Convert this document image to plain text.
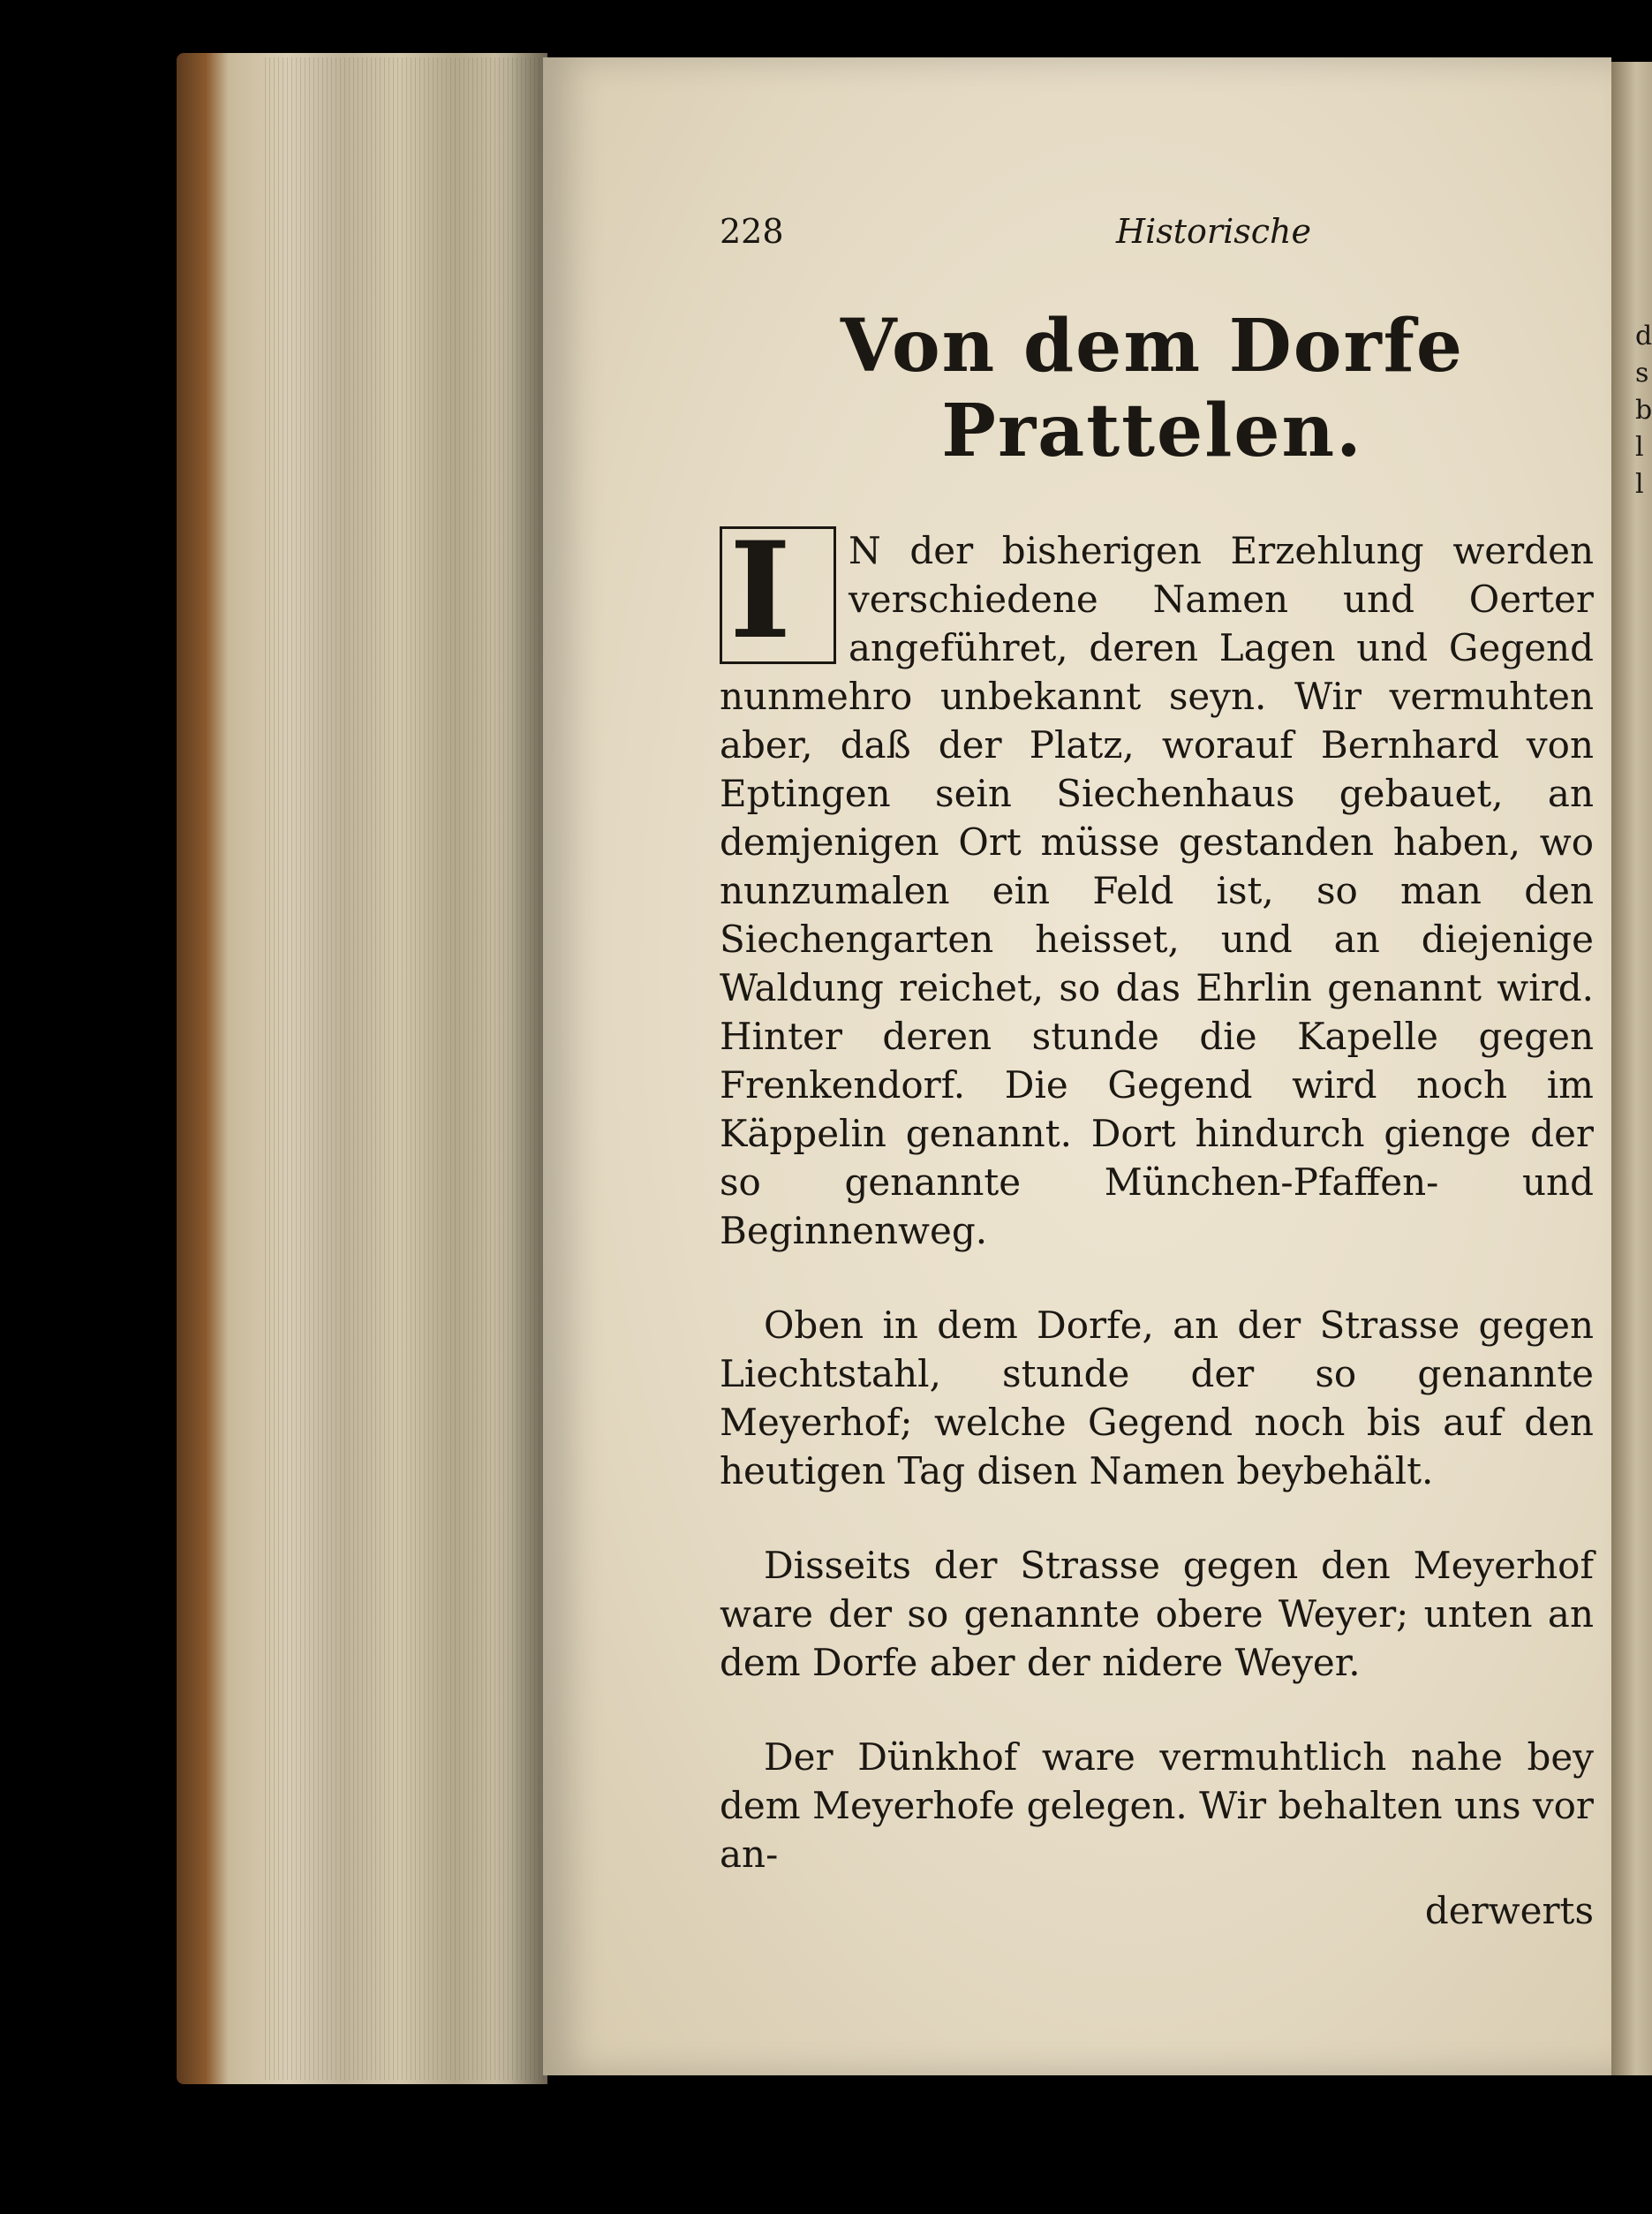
d
s
b
l
l
228	Historische
Von dem Dorfe Prattelen.

I	N der bisherigen Erzehlung werden verschiedene Namen und Oerter angeführet, deren Lagen und Gegend nunmehro unbekannt seyn. Wir vermuhten aber, daß der Platz, worauf Bernhard von Eptingen sein Siechenhaus gebauet, an demjenigen Ort müsse gestanden haben, wo nunzumalen ein Feld ist, so man den Siechengarten heisset, und an diejenige Waldung reichet, so das Ehrlin genannt wird. Hinter deren stunde die Kapelle gegen Frenkendorf. Die Gegend wird noch im Käppelin genannt. Dort hindurch gienge der so genannte München-Pfaffen- und Beginnenweg.

Oben in dem Dorfe, an der Strasse gegen Liechtstahl, stunde der so genannte Meyerhof; welche Gegend noch bis auf den heutigen Tag disen Namen beybehält.

Disseits der Strasse gegen den Meyerhof ware der so genannte obere Weyer; unten an dem Dorfe aber der nidere Weyer.

Der Dünkhof ware vermuhtlich nahe bey dem Meyerhofe gelegen. Wir behalten uns vor an-

derwerts
